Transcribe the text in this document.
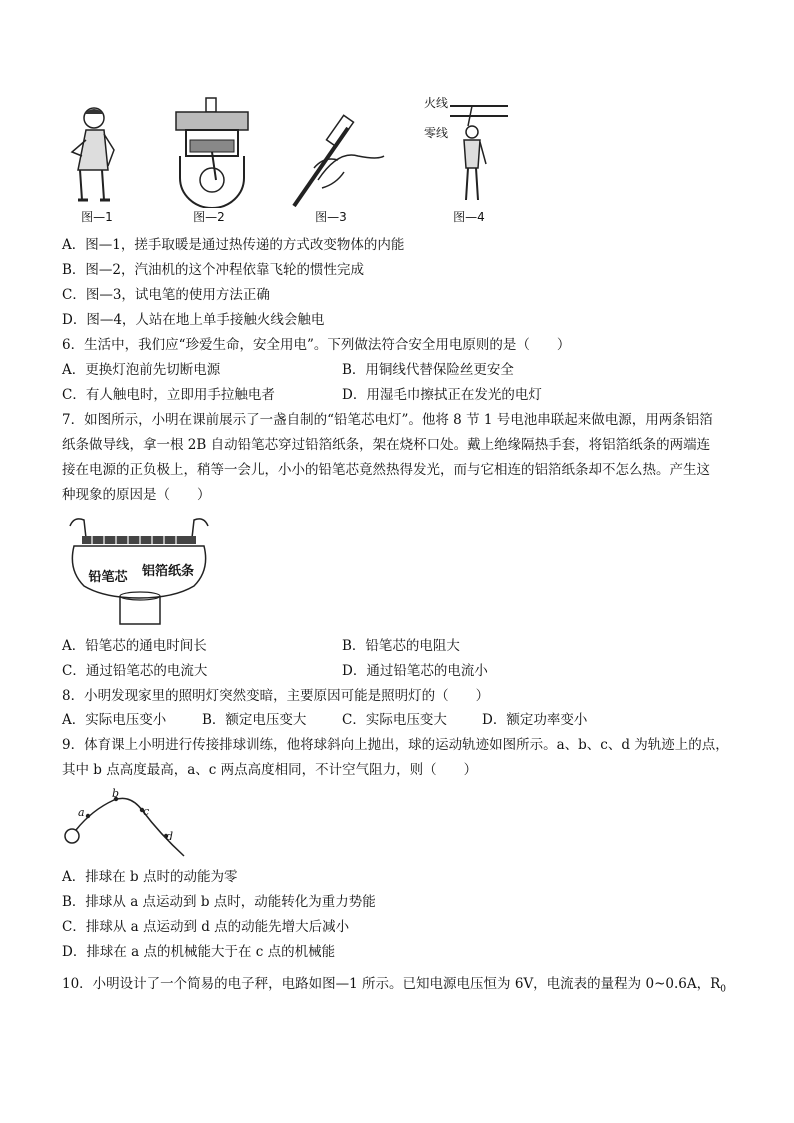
图—1	图—2	图—3
火线
零线
图—4
A．图—1，搓手取暖是通过热传递的方式改变物体的内能
B．图—2，汽油机的这个冲程依靠飞轮的惯性完成
C．图—3，试电笔的使用方法正确
D．图—4，人站在地上单手接触火线会触电
6．生活中，我们应“珍爱生命，安全用电”。下列做法符合安全用电原则的是（　　）
A．更换灯泡前先切断电源	B．用铜线代替保险丝更安全
C．有人触电时，立即用手拉触电者	D．用湿毛巾擦拭正在发光的电灯
7．如图所示，小明在课前展示了一盏自制的“铅笔芯电灯”。他将 8 节 1 号电池串联起来做电源，用两条铝箔
纸条做导线，拿一根 2B 自动铅笔芯穿过铅箔纸条，架在烧杯口处。戴上绝缘隔热手套，将铝箔纸条的两端连
接在电源的正负极上，稍等一会儿，小小的铅笔芯竟然热得发光，而与它相连的铝箔纸条却不怎么热。产生这
种现象的原因是（　　）
铅笔芯	铝箔纸条
A．铅笔芯的通电时间长	B．铅笔芯的电阻大
C．通过铅笔芯的电流大	D．通过铅笔芯的电流小
8．小明发现家里的照明灯突然变暗，主要原因可能是照明灯的（　　）
A．实际电压变小	B．额定电压变大	C．实际电压变大	D．额定功率变小
9．体育课上小明进行传接排球训练，他将球斜向上抛出，球的运动轨迹如图所示。a、b、c、d 为轨迹上的点，
其中 b 点高度最高，a、c 两点高度相同，不计空气阻力，则（　　）
a
b
c
d
A．排球在 b 点时的动能为零
B．排球从 a 点运动到 b 点时，动能转化为重力势能
C．排球从 a 点运动到 d 点的动能先增大后减小
D．排球在 a 点的机械能大于在 c 点的机械能
10．小明设计了一个简易的电子秤，电路如图—1 所示。已知电源电压恒为 6V，电流表的量程为 0~0.6A，$R_0$
